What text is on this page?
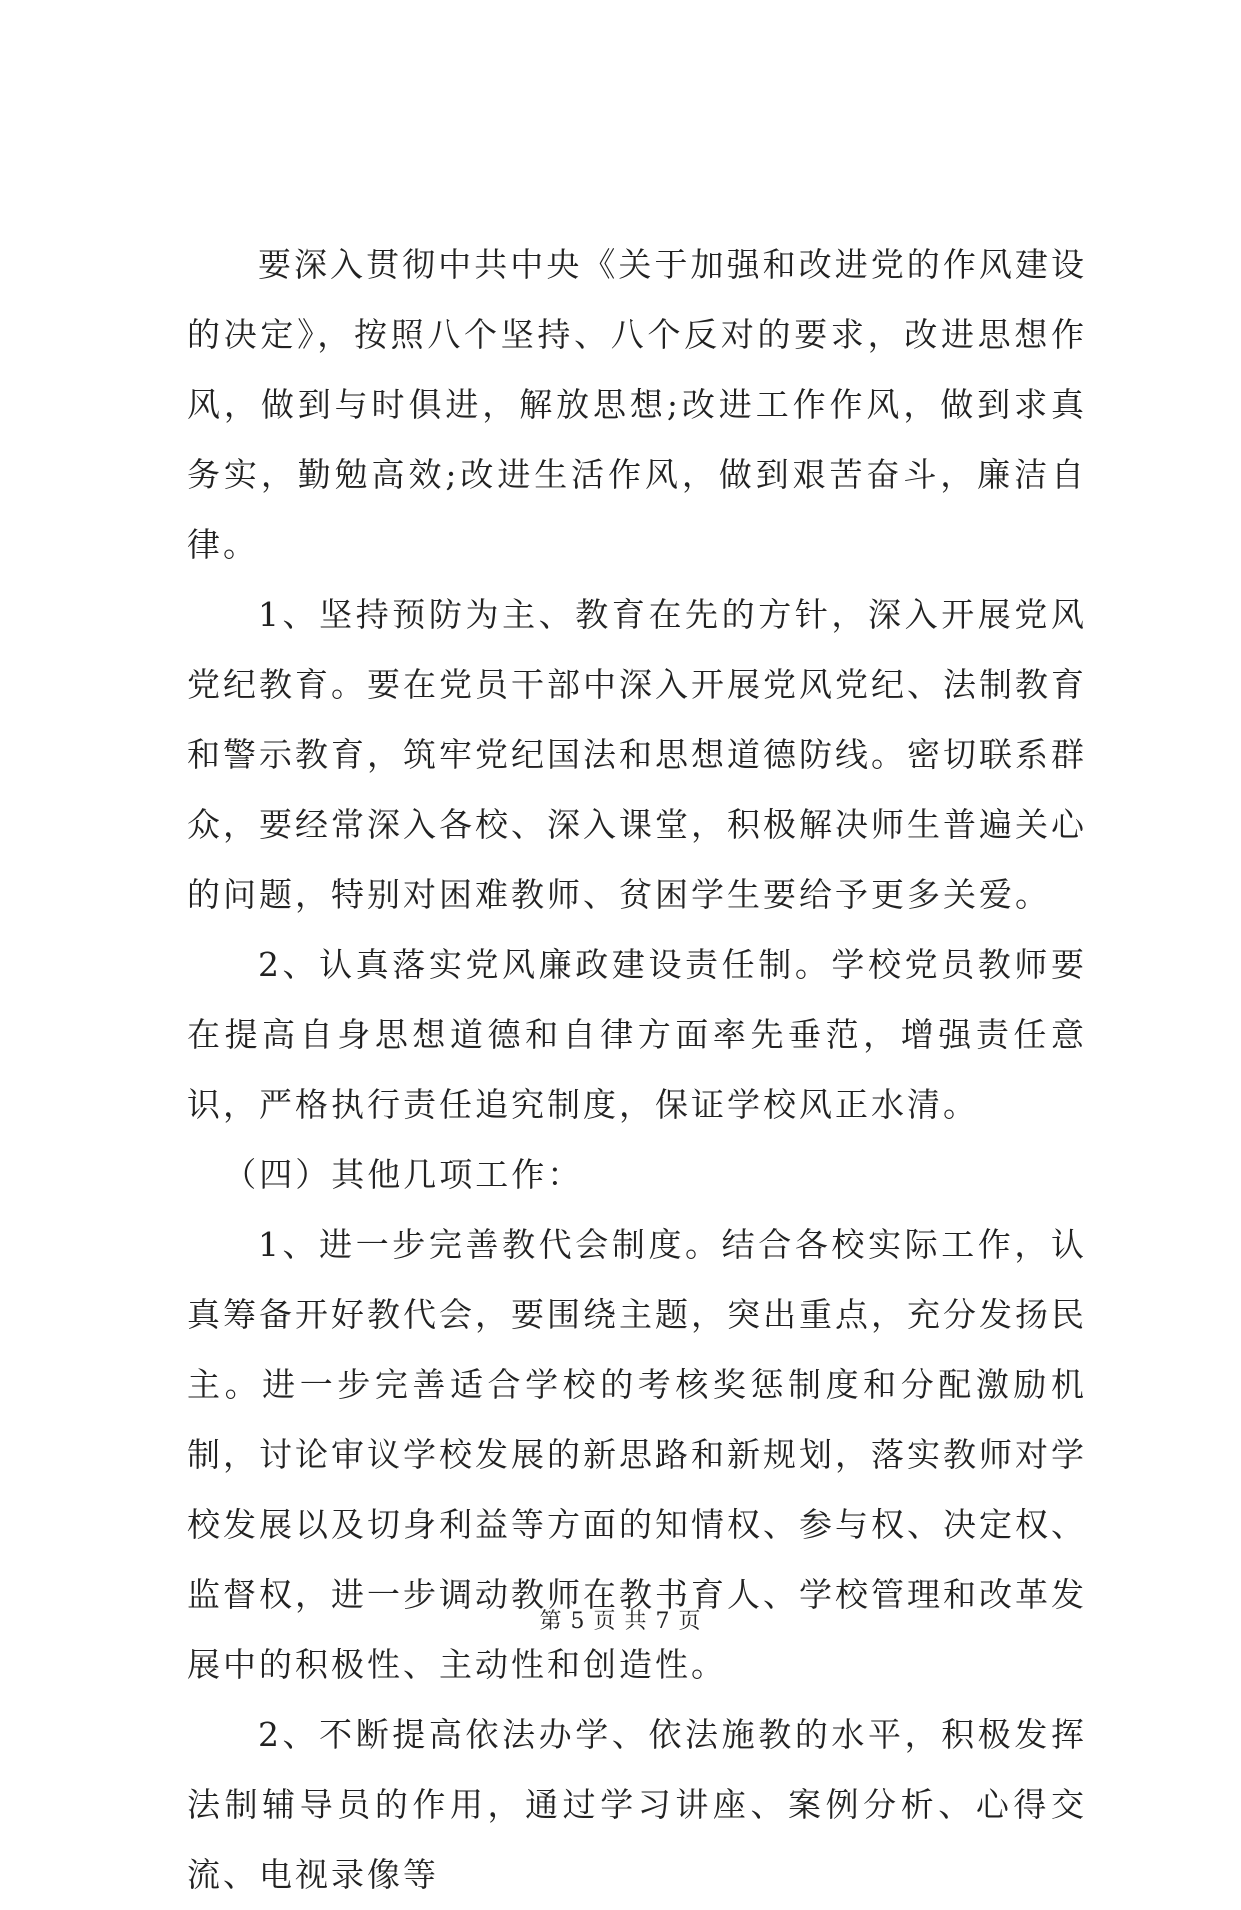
要深入贯彻中共中央《关于加强和改进党的作风建设的决定》，按照八个坚持、八个反对的要求，改进思想作风，做到与时俱进，解放思想;改进工作作风，做到求真务实，勤勉高效;改进生活作风，做到艰苦奋斗，廉洁自律。

1、坚持预防为主、教育在先的方针，深入开展党风党纪教育。要在党员干部中深入开展党风党纪、法制教育和警示教育，筑牢党纪国法和思想道德防线。密切联系群众，要经常深入各校、深入课堂，积极解决师生普遍关心的问题，特别对困难教师、贫困学生要给予更多关爱。

2、认真落实党风廉政建设责任制。学校党员教师要在提高自身思想道德和自律方面率先垂范，增强责任意识，严格执行责任追究制度，保证学校风正水清。

（四）其他几项工作：

1、进一步完善教代会制度。结合各校实际工作，认真筹备开好教代会，要围绕主题，突出重点，充分发扬民主。进一步完善适合学校的考核奖惩制度和分配激励机制，讨论审议学校发展的新思路和新规划，落实教师对学校发展以及切身利益等方面的知情权、参与权、决定权、监督权，进一步调动教师在教书育人、学校管理和改革发展中的积极性、主动性和创造性。

2、不断提高依法办学、依法施教的水平，积极发挥法制辅导员的作用，通过学习讲座、案例分析、心得交流、电视录像等

第 5 页 共 7 页
